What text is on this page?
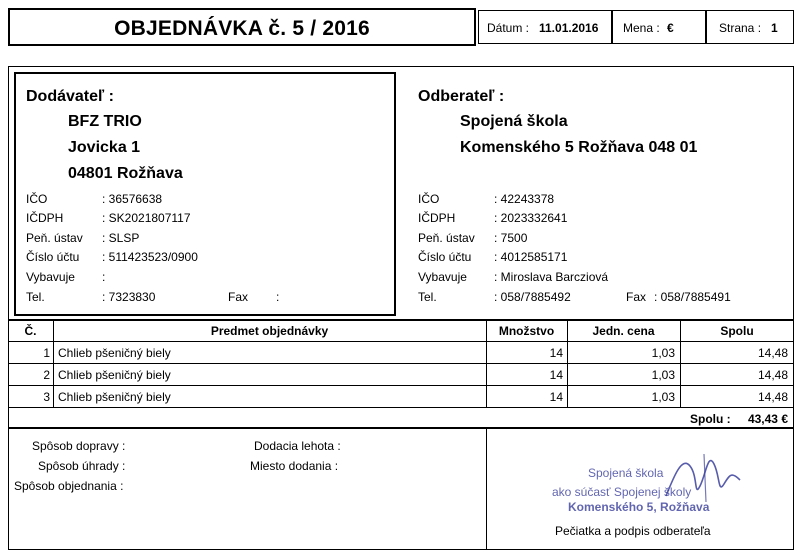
OBJEDNÁVKA č. 5 / 2016	Dátum : 11.01.2016 Mena : €	Strana : 1
Dodávateľ :
BFZ TRIO
Jovicka 1
04801 Rožňava
IČO	: 36576638
IČDPH	: SK2021807117
Peň. ústav : SLSP
Číslo účtu : 511423523/0900
Vybavuje :
Tel.	: 7323830	Fax :
Odberateľ :
Spojená škola
Komenského 5 Rožňava 048 01
IČO	: 42243378
IČDPH	: 2023332641
Peň. ústav : 7500
Číslo účtu : 4012585171
Vybavuje : Miroslava Barcziová
Tel.	: 058/7885492	Fax : 058/7885491
Č.	Predmet objednávky	Množstvo	Jedn. cena	Spolu
1 Chlieb pšeničný biely	14	1,03	14,48
2 Chlieb pšeničný biely	14	1,03	14,48
3 Chlieb pšeničný biely	14	1,03	14,48
Spolu :	43,43 €
Spôsob dopravy :
Spôsob úhrady :
Spôsob objednania :
Dodacia lehota :
Miesto dodania :	Spojená škola
ako súčasť Spojenej školy
Komenského 5, Rožňava
Pečiatka a podpis odberateľa
